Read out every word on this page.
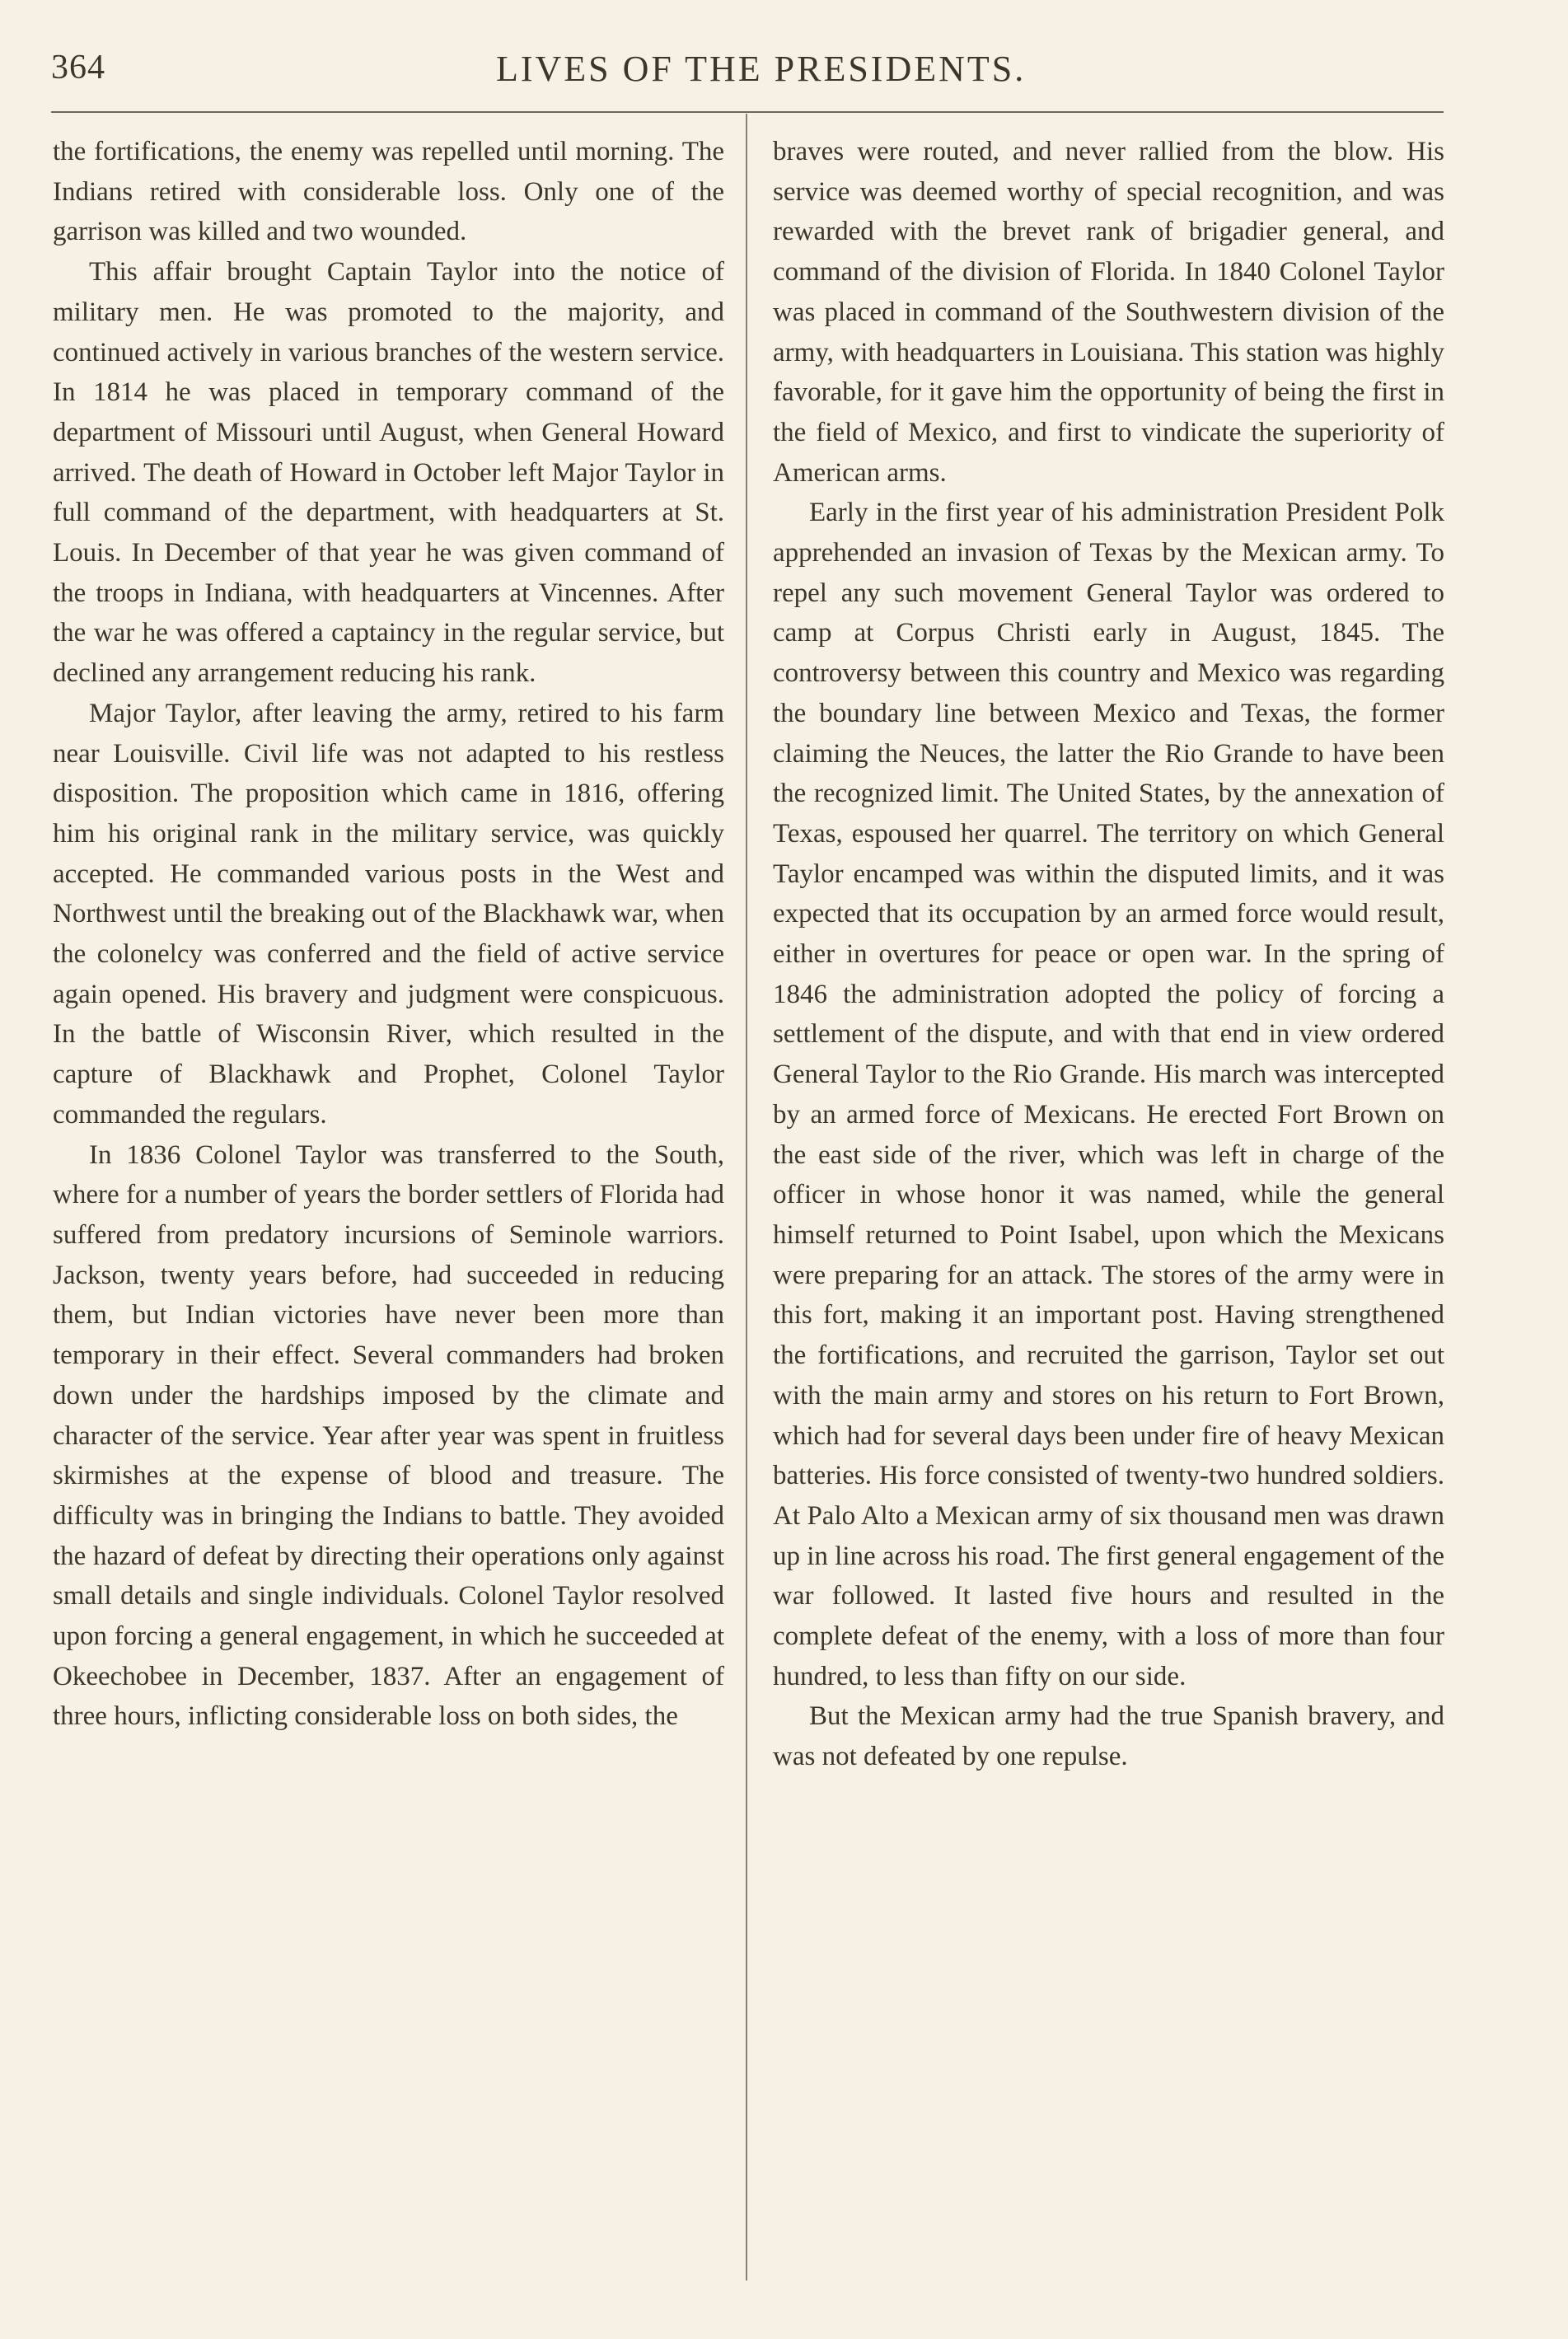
364	LIVES OF THE PRESIDENTS.

the fortifications, the enemy was repelled until morning. The Indians retired with considerable loss. Only one of the garrison was killed and two wounded.

This affair brought Captain Taylor into the notice of military men. He was promoted to the majority, and continued actively in various branches of the western service. In 1814 he was placed in temporary command of the department of Missouri until August, when General Howard arrived. The death of Howard in October left Major Taylor in full command of the department, with headquarters at St. Louis. In December of that year he was given command of the troops in Indiana, with headquarters at Vincennes. After the war he was offered a captaincy in the regular service, but declined any arrangement reducing his rank.

Major Taylor, after leaving the army, retired to his farm near Louisville. Civil life was not adapted to his restless disposition. The proposition which came in 1816, offering him his original rank in the military service, was quickly accepted. He commanded various posts in the West and Northwest until the breaking out of the Blackhawk war, when the colonelcy was conferred and the field of active service again opened. His bravery and judgment were conspicuous. In the battle of Wisconsin River, which resulted in the capture of Blackhawk and Prophet, Colonel Taylor commanded the regulars.

In 1836 Colonel Taylor was transferred to the South, where for a number of years the border settlers of Florida had suffered from predatory incursions of Seminole warriors. Jackson, twenty years before, had succeeded in reducing them, but Indian victories have never been more than temporary in their effect. Several commanders had broken down under the hardships imposed by the climate and character of the service. Year after year was spent in fruitless skirmishes at the expense of blood and treasure. The difficulty was in bringing the Indians to battle. They avoided the hazard of defeat by directing their operations only against small details and single individuals. Colonel Taylor resolved upon forcing a general engagement, in which he succeeded at Okeechobee in December, 1837. After an engagement of three hours, inflicting considerable loss on both sides, the

braves were routed, and never rallied from the blow. His service was deemed worthy of special recognition, and was rewarded with the brevet rank of brigadier general, and command of the division of Florida. In 1840 Colonel Taylor was placed in command of the Southwestern division of the army, with headquarters in Louisiana. This station was highly favorable, for it gave him the opportunity of being the first in the field of Mexico, and first to vindicate the superiority of American arms.

Early in the first year of his administration President Polk apprehended an invasion of Texas by the Mexican army. To repel any such movement General Taylor was ordered to camp at Corpus Christi early in August, 1845. The controversy between this country and Mexico was regarding the boundary line between Mexico and Texas, the former claiming the Neuces, the latter the Rio Grande to have been the recognized limit. The United States, by the annexation of Texas, espoused her quarrel. The territory on which General Taylor encamped was within the disputed limits, and it was expected that its occupation by an armed force would result, either in overtures for peace or open war. In the spring of 1846 the administration adopted the policy of forcing a settlement of the dispute, and with that end in view ordered General Taylor to the Rio Grande. His march was intercepted by an armed force of Mexicans. He erected Fort Brown on the east side of the river, which was left in charge of the officer in whose honor it was named, while the general himself returned to Point Isabel, upon which the Mexicans were preparing for an attack. The stores of the army were in this fort, making it an important post. Having strengthened the fortifications, and recruited the garrison, Taylor set out with the main army and stores on his return to Fort Brown, which had for several days been under fire of heavy Mexican batteries. His force consisted of twenty-two hundred soldiers. At Palo Alto a Mexican army of six thousand men was drawn up in line across his road. The first general engagement of the war followed. It lasted five hours and resulted in the complete defeat of the enemy, with a loss of more than four hundred, to less than fifty on our side.

But the Mexican army had the true Spanish bravery, and was not defeated by one repulse.
